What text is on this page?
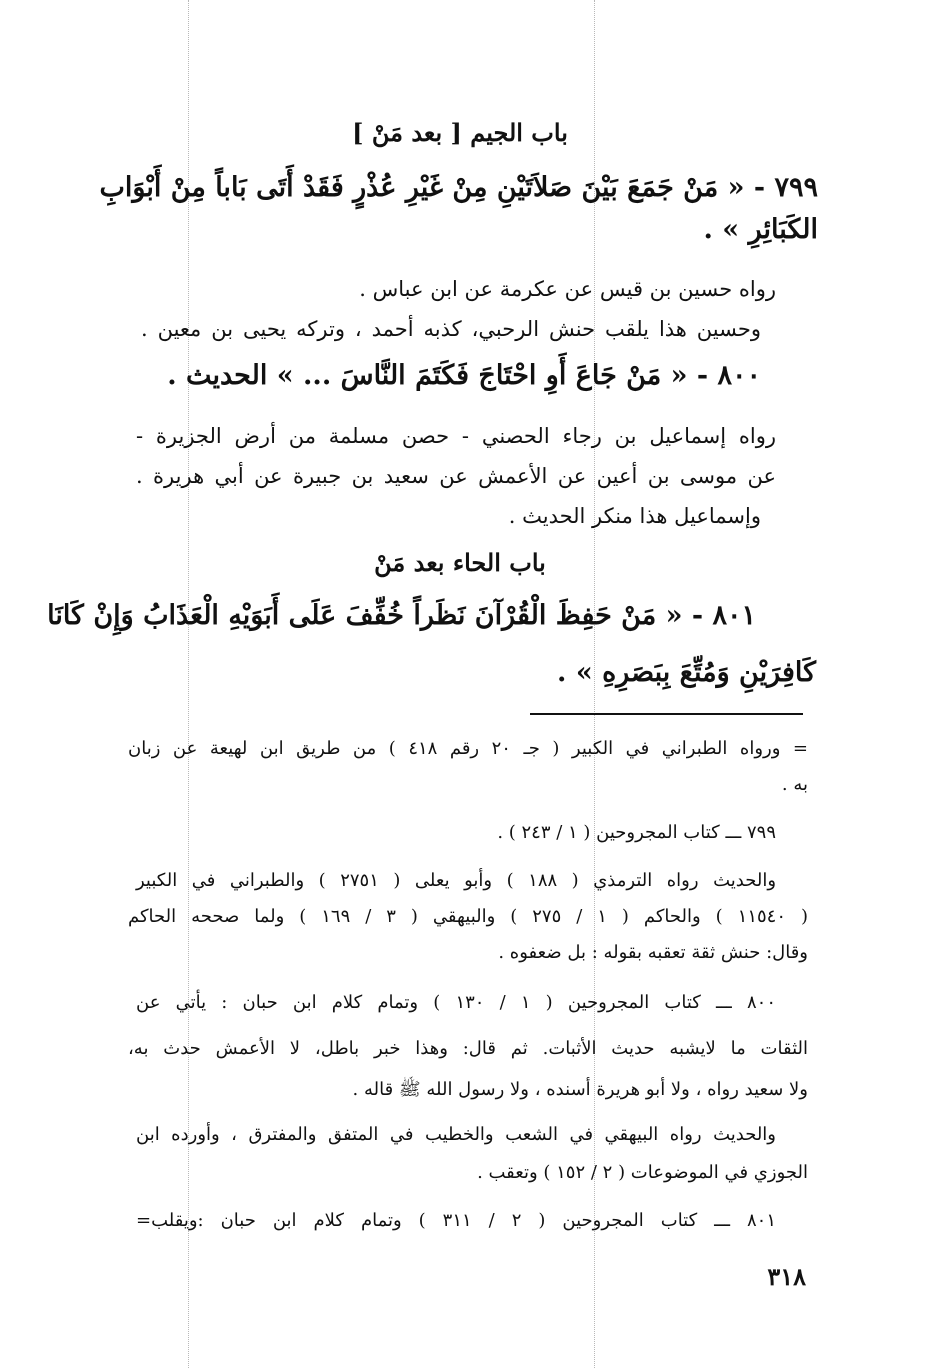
باب الجيم [ بعد مَنْ ]
٧٩٩ - « مَنْ جَمَعَ بَيْنَ صَلاَتَيْنِ مِنْ غَيْرِ عُذْرٍ فَقَدْ أَتَى بَاباً مِنْ أَبْوَابِ
الكَبَائِرِ » .
رواه حسين بن قيس عن عكرمة عن ابن عباس .
وحسين هذا يلقب حنش الرحبي، كذبه أحمد ، وتركه يحيى بن معين .
٨٠٠ - « مَنْ جَاعَ أَوِ احْتَاجَ فَكَتَمَ النَّاسَ ... » الحديث .
رواه إسماعيل بن رجاء الحصني - حصن مسلمة من أرض الجزيرة -
عن موسى بن أعين عن الأعمش عن سعيد بن جبيرة عن أبي هريرة .
وإسماعيل هذا منكر الحديث .
باب الحاء بعد مَنْ
٨٠١ - « مَنْ حَفِظَ الْقُرْآنَ نَظَراً خُفِّفَ عَلَى أَبَوَيْهِ الْعَذَابُ وَإِنْ كَانَا
كَافِرَيْنِ وَمُتِّعَ بِبَصَرِهِ » .
= ورواه الطبراني في الكبير ( جـ ٢٠ رقم ٤١٨ ) من طريق ابن لهيعة عن زبان
به .
٧٩٩ ـــ كتاب المجروحين ( ١ / ٢٤٣ ) .
والحديث رواه الترمذي ( ١٨٨ ) وأبو يعلى ( ٢٧٥١ ) والطبراني في الكبير
( ١١٥٤٠ ) والحاكم ( ١ / ٢٧٥ ) والبيهقي ( ٣ / ١٦٩ ) ولما صححه الحاكم
وقال: حنش ثقة تعقبه بقوله : بل ضعفوه .
٨٠٠ ـــ كتاب المجروحين ( ١ / ١٣٠ ) وتمام كلام ابن حبان : يأتي عن
الثقات ما لايشبه حديث الأثبات. ثم قال: وهذا خبر باطل، لا الأعمش حدث به،
ولا سعيد رواه ، ولا أبو هريرة أسنده ، ولا رسول الله ﷺ قاله .
والحديث رواه البيهقي في الشعب والخطيب في المتفق والمفترق ، وأورده ابن
الجوزي في الموضوعات ( ٢ / ١٥٢ ) وتعقب .
٨٠١ ـــ كتاب المجروحين ( ٢ / ٣١١ ) وتمام كلام ابن حبان :ويقلب=
٣١٨
